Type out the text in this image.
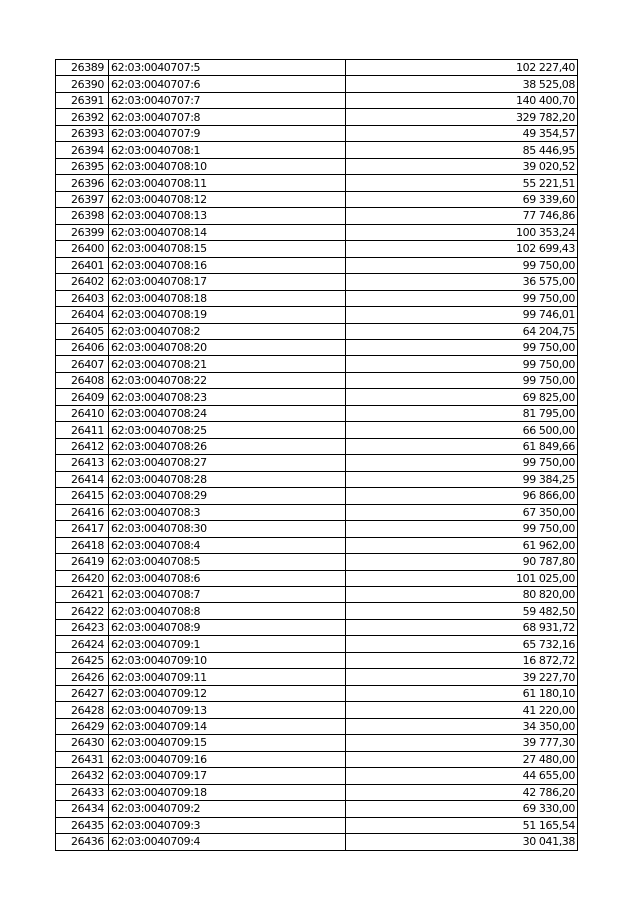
26389	62:03:0040707:5	102 227,40
26390	62:03:0040707:6	38 525,08
26391	62:03:0040707:7	140 400,70
26392	62:03:0040707:8	329 782,20
26393	62:03:0040707:9	49 354,57
26394	62:03:0040708:1	85 446,95
26395	62:03:0040708:10	39 020,52
26396	62:03:0040708:11	55 221,51
26397	62:03:0040708:12	69 339,60
26398	62:03:0040708:13	77 746,86
26399	62:03:0040708:14	100 353,24
26400	62:03:0040708:15	102 699,43
26401	62:03:0040708:16	99 750,00
26402	62:03:0040708:17	36 575,00
26403	62:03:0040708:18	99 750,00
26404	62:03:0040708:19	99 746,01
26405	62:03:0040708:2	64 204,75
26406	62:03:0040708:20	99 750,00
26407	62:03:0040708:21	99 750,00
26408	62:03:0040708:22	99 750,00
26409	62:03:0040708:23	69 825,00
26410	62:03:0040708:24	81 795,00
26411	62:03:0040708:25	66 500,00
26412	62:03:0040708:26	61 849,66
26413	62:03:0040708:27	99 750,00
26414	62:03:0040708:28	99 384,25
26415	62:03:0040708:29	96 866,00
26416	62:03:0040708:3	67 350,00
26417	62:03:0040708:30	99 750,00
26418	62:03:0040708:4	61 962,00
26419	62:03:0040708:5	90 787,80
26420	62:03:0040708:6	101 025,00
26421	62:03:0040708:7	80 820,00
26422	62:03:0040708:8	59 482,50
26423	62:03:0040708:9	68 931,72
26424	62:03:0040709:1	65 732,16
26425	62:03:0040709:10	16 872,72
26426	62:03:0040709:11	39 227,70
26427	62:03:0040709:12	61 180,10
26428	62:03:0040709:13	41 220,00
26429	62:03:0040709:14	34 350,00
26430	62:03:0040709:15	39 777,30
26431	62:03:0040709:16	27 480,00
26432	62:03:0040709:17	44 655,00
26433	62:03:0040709:18	42 786,20
26434	62:03:0040709:2	69 330,00
26435	62:03:0040709:3	51 165,54
26436	62:03:0040709:4	30 041,38
